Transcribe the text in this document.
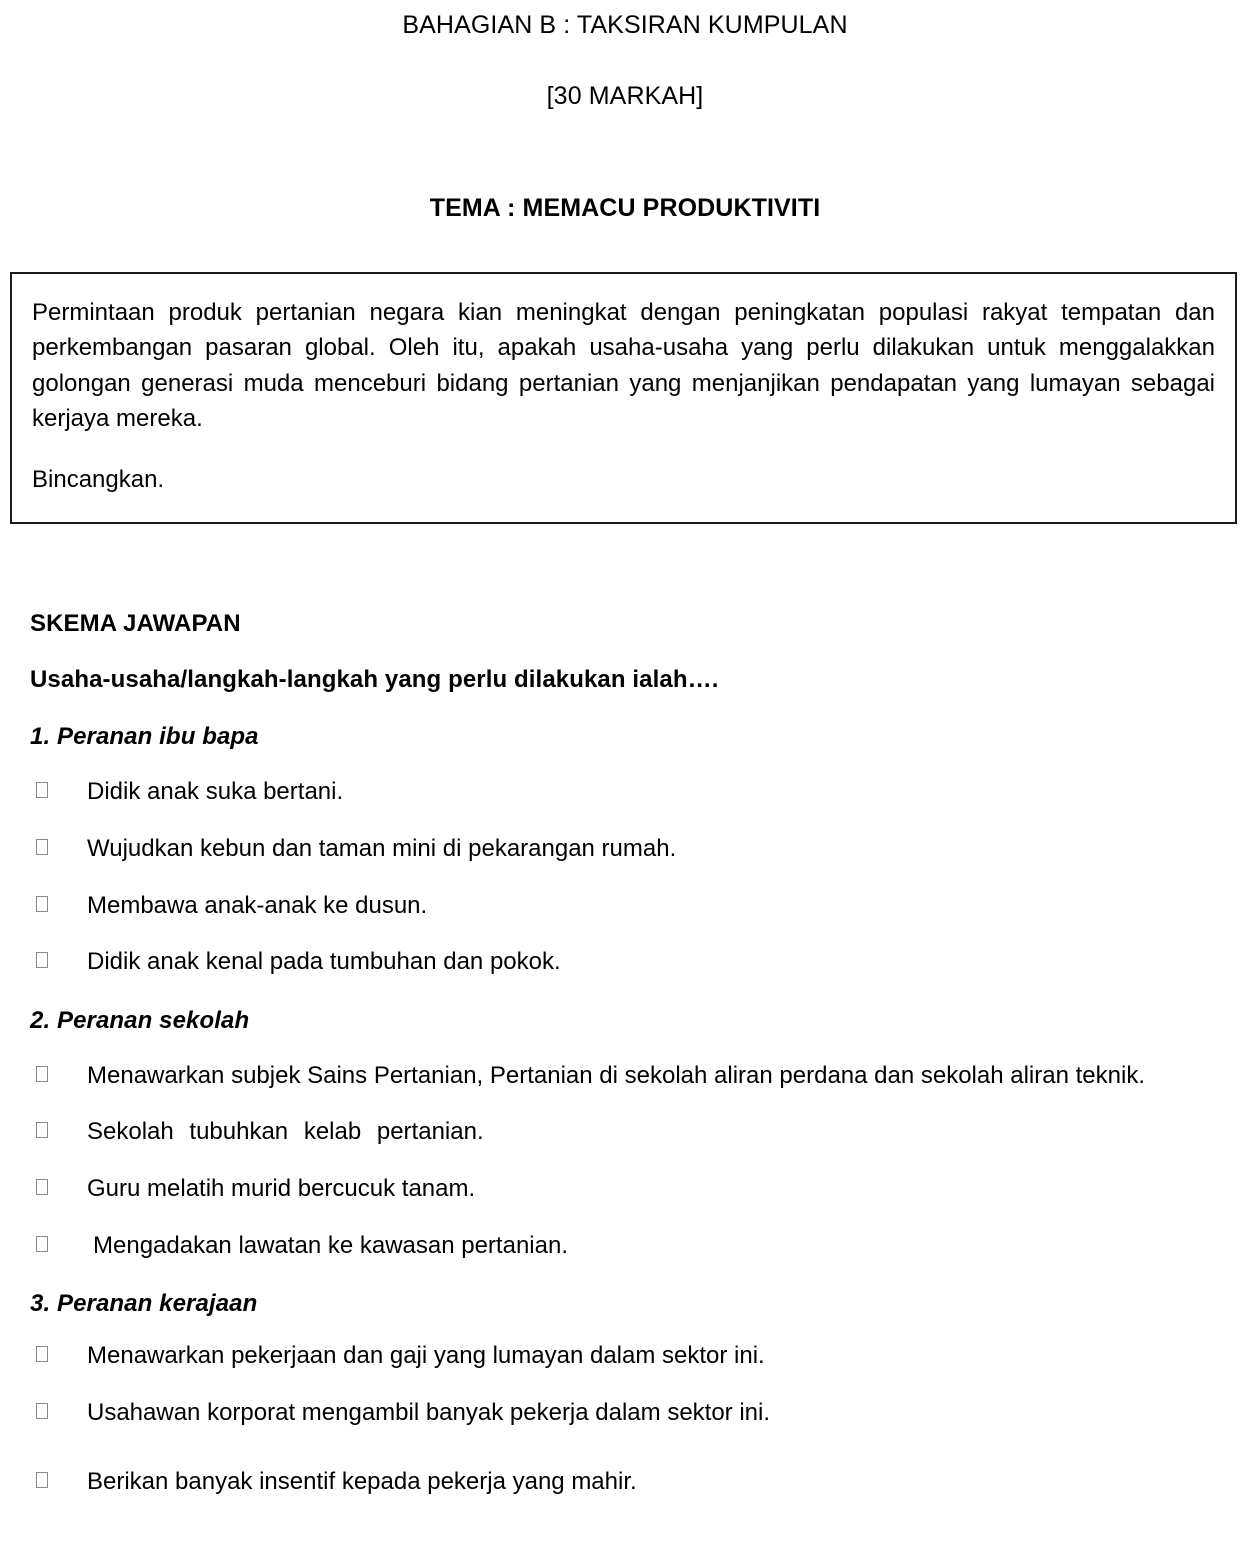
BAHAGIAN B : TAKSIRAN KUMPULAN

[30 MARKAH]

TEMA : MEMACU PRODUKTIVITI

Permintaan produk pertanian negara kian meningkat dengan peningkatan populasi rakyat tempatan dan perkembangan pasaran global. Oleh itu, apakah usaha-usaha yang perlu dilakukan untuk menggalakkan golongan generasi muda menceburi bidang pertanian yang menjanjikan pendapatan yang lumayan sebagai kerjaya mereka.

Bincangkan.

SKEMA JAWAPAN

Usaha-usaha/langkah-langkah yang perlu dilakukan ialah….

1. Peranan ibu bapa
Didik anak suka bertani.
Wujudkan kebun dan taman mini di pekarangan rumah.
Membawa anak-anak ke dusun.
Didik anak kenal pada tumbuhan dan pokok.
2. Peranan sekolah
Menawarkan subjek Sains Pertanian, Pertanian di sekolah aliran perdana dan sekolah aliran teknik.
Sekolah tubuhkan kelab pertanian.
Guru melatih murid bercucuk tanam.
Mengadakan lawatan ke kawasan pertanian.
3. Peranan kerajaan
Menawarkan pekerjaan dan gaji yang lumayan dalam sektor ini.
Usahawan korporat mengambil banyak pekerja dalam sektor ini.
Berikan banyak insentif kepada pekerja yang mahir.
